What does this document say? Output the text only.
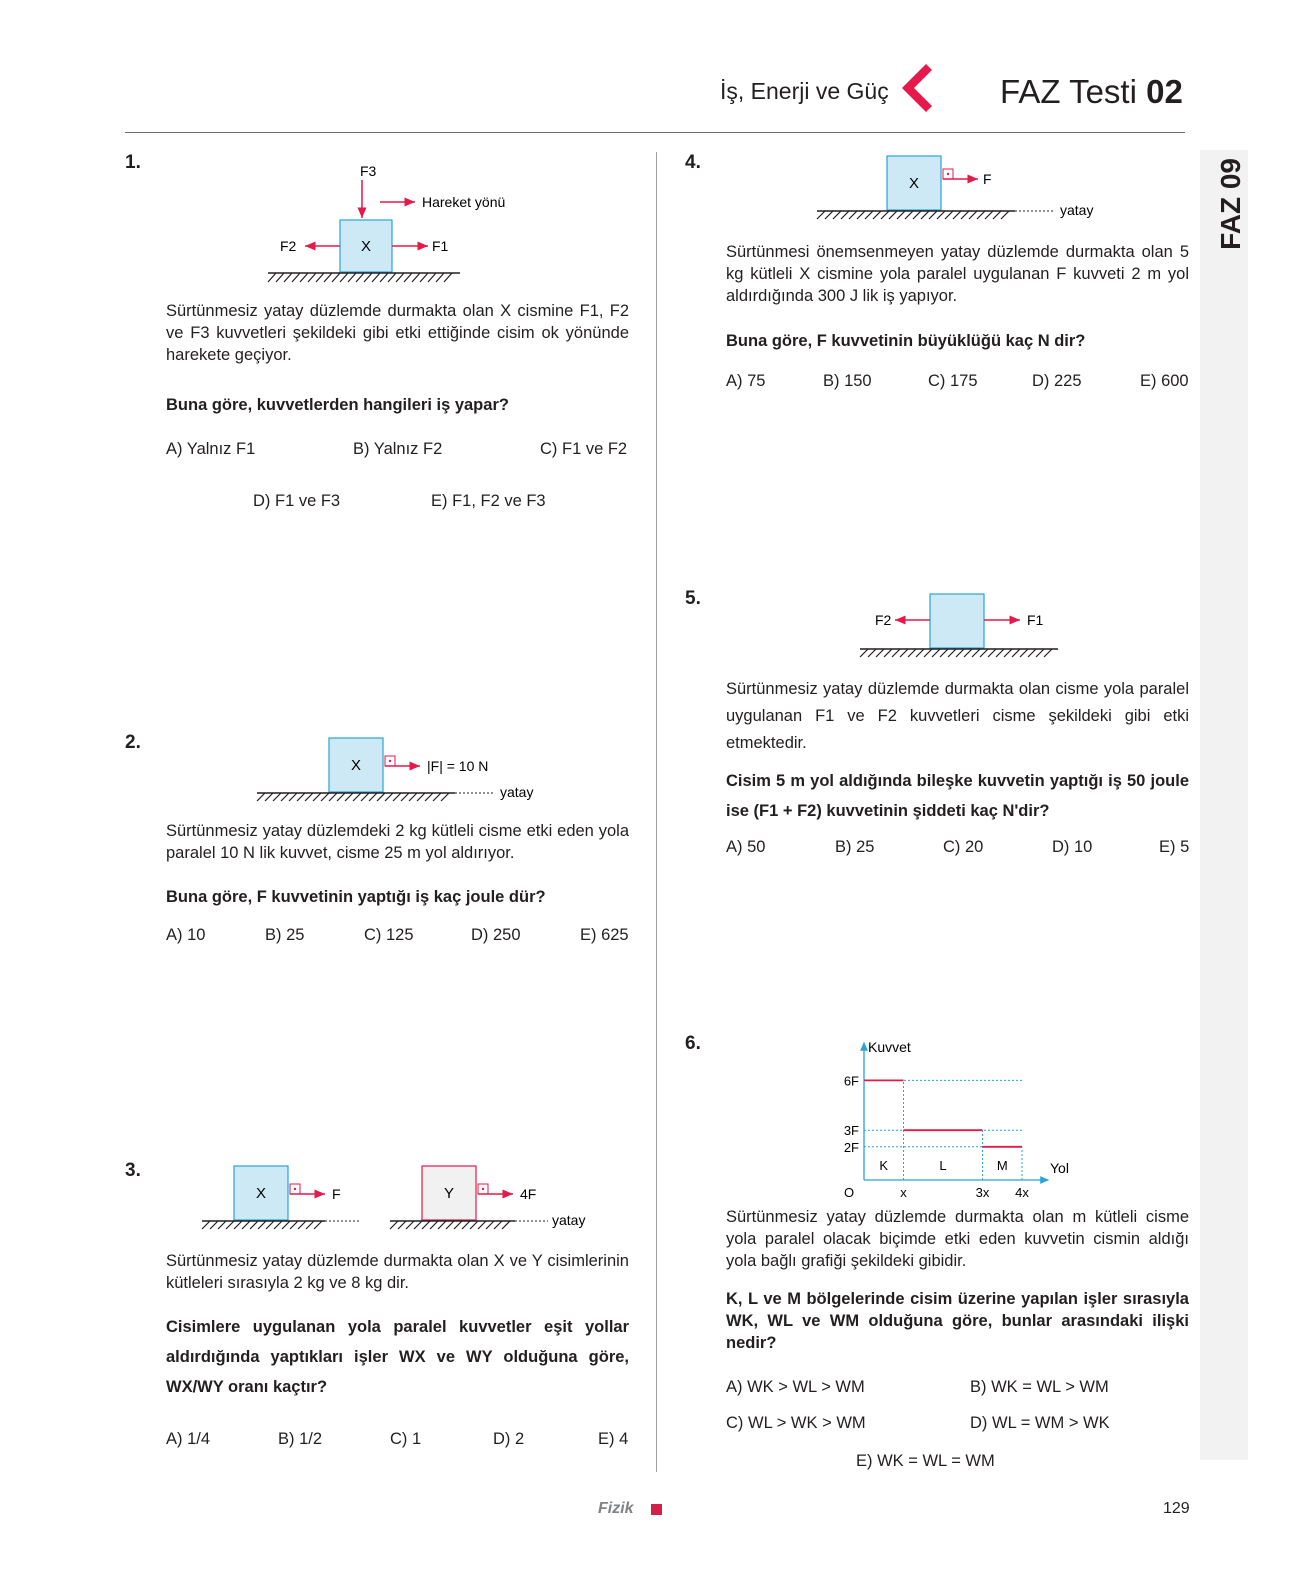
İş, Enerji ve Güç	FAZ Testi 02
FAZ 09
1.
X
F3
Hareket yönü
F2	F1
Sürtünmesiz yatay düzlemde durmakta olan X cismine F1, F2 ve F3 kuvvetleri şekildeki gibi etki ettiğinde cisim ok yönünde harekete geçiyor.
Buna göre, kuvvetlerden hangileri iş yapar?
A) Yalnız F1	B) Yalnız F2	C) F1 ve F2
D) F1 ve F3	E) F1, F2 ve F3
2.
X	|F| = 10 N
yatay
Sürtünmesiz yatay düzlemdeki 2 kg kütleli cisme etki eden yola paralel 10 N lik kuvvet, cisme 25 m yol aldırıyor.
Buna göre, F kuvvetinin yaptığı iş kaç joule dür?
A) 10	B) 25	C) 125	D) 250	E) 625
3.
X	F	Y	4F
yatay
Sürtünmesiz yatay düzlemde durmakta olan X ve Y cisimlerinin kütleleri sırasıyla 2 kg ve 8 kg dir.
Cisimlere uygulanan yola paralel kuvvetler eşit yollar aldırdığında yaptıkları işler WX ve WY olduğuna göre, WX/WY oranı kaçtır?
A) 1/4	B) 1/2	C) 1	D) 2	E) 4
4.
X	F
yatay
Sürtünmesi önemsenmeyen yatay düzlemde durmakta olan 5 kg kütleli X cismine yola paralel uygulanan F kuvveti 2 m yol aldırdığında 300 J lik iş yapıyor.
Buna göre, F kuvvetinin büyüklüğü kaç N dir?
A) 75	B) 150	C) 175	D) 225	E) 600
5.
F2	F1
Sürtünmesiz yatay düzlemde durmakta olan cisme yola paralel uygulanan F1 ve F2 kuvvetleri cisme şekildeki gibi etki etmektedir.
Cisim 5 m yol aldığında bileşke kuvvetin yaptığı iş 50 joule ise (F1 + F2) kuvvetinin şiddeti kaç N'dir?
A) 50	B) 25	C) 20	D) 10	E) 5
6.	Kuvvet
Yol
2F
3F
6F
K	L	M
O	x	3x 4x
Sürtünmesiz yatay düzlemde durmakta olan m kütleli cisme yola paralel olacak biçimde etki eden kuvvetin cismin aldığı yola bağlı grafiği şekildeki gibidir.
K, L ve M bölgelerinde cisim üzerine yapılan işler sırasıyla WK, WL ve WM olduğuna göre, bunlar arasındaki ilişki nedir?
A) WK > WL > WM	B) WK = WL > WM
C) WL > WK > WM	D) WL = WM > WK
E) WK = WL = WM
Fizik	129
